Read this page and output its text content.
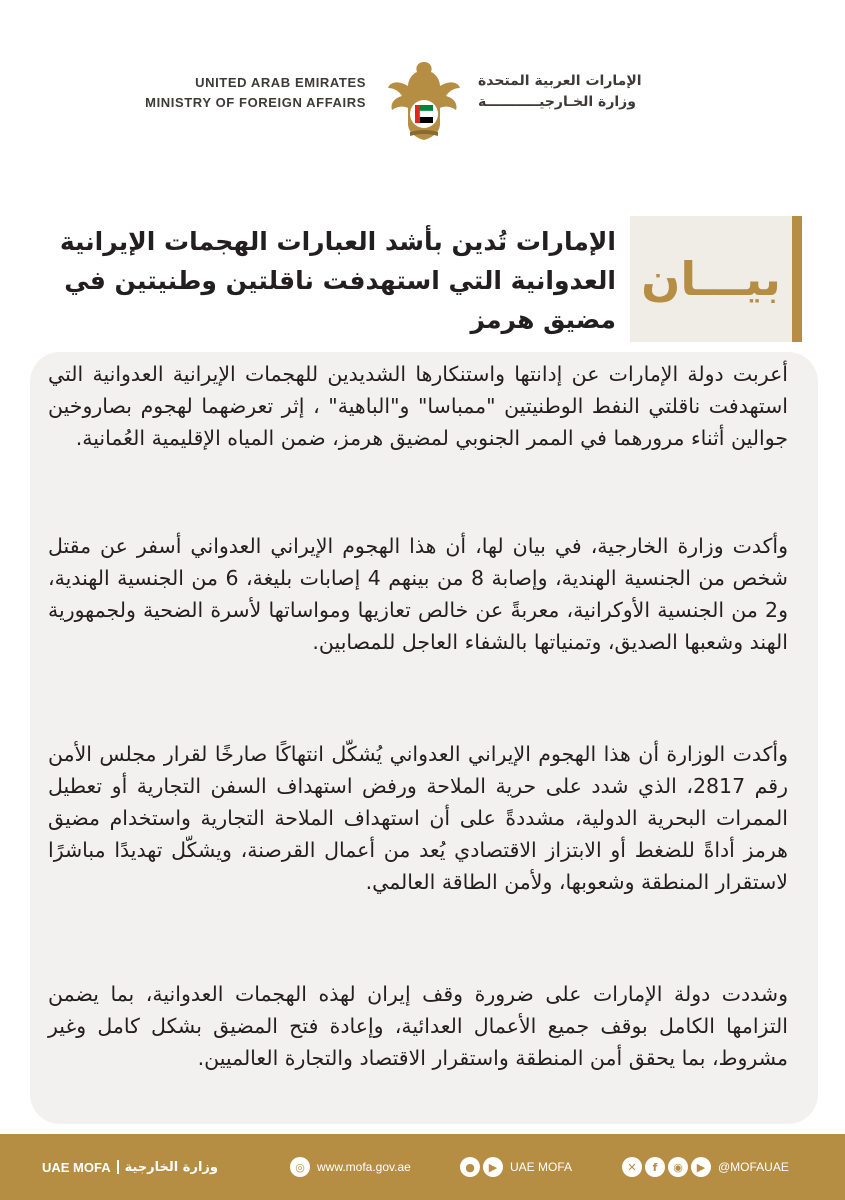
UNITED ARAB EMIRATES
MINISTRY OF FOREIGN AFFAIRS
الإمارات العربية المتحدة
وزارة الخـارجيـــــــــــة
بيـــان
الإمارات تُدين بأشد العبارات الهجمات الإيرانية العدوانية التي استهدفت ناقلتين وطنيتين في مضيق هرمز

أعربت دولة الإمارات عن إدانتها واستنكارها الشديدين للهجمات الإيرانية العدوانية التي استهدفت ناقلتي النفط الوطنيتين "ممباسا" و"الباهية" ، إثر تعرضهما لهجوم بصاروخين جوالين أثناء مرورهما في الممر الجنوبي لمضيق هرمز، ضمن المياه الإقليمية العُمانية.

وأكدت وزارة الخارجية، في بيان لها، أن هذا الهجوم الإيراني العدواني أسفر عن مقتل شخص من الجنسية الهندية، وإصابة 8 من بينهم 4 إصابات بليغة، 6 من الجنسية الهندية، و2 من الجنسية الأوكرانية، معربةً عن خالص تعازيها ومواساتها لأسرة الضحية ولجمهورية الهند وشعبها الصديق، وتمنياتها بالشفاء العاجل للمصابين.

وأكدت الوزارة أن هذا الهجوم الإيراني العدواني يُشكّل انتهاكًا صارخًا لقرار مجلس الأمن رقم 2817، الذي شدد على حرية الملاحة ورفض استهداف السفن التجارية أو تعطيل الممرات البحرية الدولية، مشددةً على أن استهداف الملاحة التجارية واستخدام مضيق هرمز أداةً للضغط أو الابتزاز الاقتصادي يُعد من أعمال القرصنة، ويشكّل تهديدًا مباشرًا لاستقرار المنطقة وشعوبها، ولأمن الطاقة العالمي.

وشددت دولة الإمارات على ضرورة وقف إيران لهذه الهجمات العدوانية، بما يضمن التزامها الكامل بوقف جميع الأعمال العدائية، وإعادة فتح المضيق بشكل كامل وغير مشروط، بما يحقق أمن المنطقة واستقرار الاقتصاد والتجارة العالميين.

UAE MOFA وزارة الخارجية	◎	www.mofa.gov.ae	●	▶	UAE MOFA	✕	f	◉	▶	@MOFAUAE
